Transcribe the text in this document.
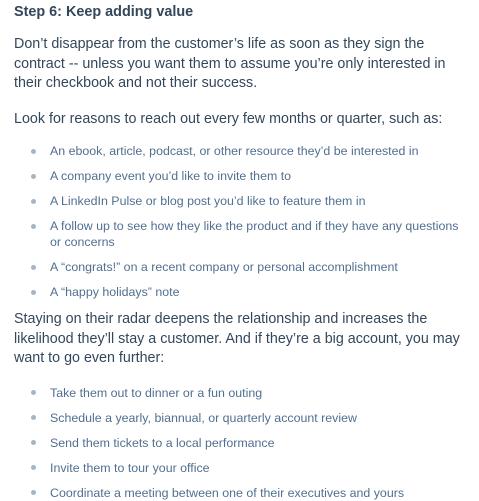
Step 6: Keep adding value

Don’t disappear from the customer’s life as soon as they sign the contract -- unless you want them to assume you’re only interested in their checkbook and not their success.

Look for reasons to reach out every few months or quarter, such as:

An ebook, article, podcast, or other resource they’d be interested in
A company event you’d like to invite them to
A LinkedIn Pulse or blog post you’d like to feature them in
A follow up to see how they like the product and if they have any questions or concerns
A “congrats!” on a recent company or personal accomplishment
A “happy holidays” note

Staying on their radar deepens the relationship and increases the likelihood they’ll stay a customer. And if they’re a big account, you may want to go even further:

Take them out to dinner or a fun outing
Schedule a yearly, biannual, or quarterly account review
Send them tickets to a local performance
Invite them to tour your office
Coordinate a meeting between one of their executives and yours
